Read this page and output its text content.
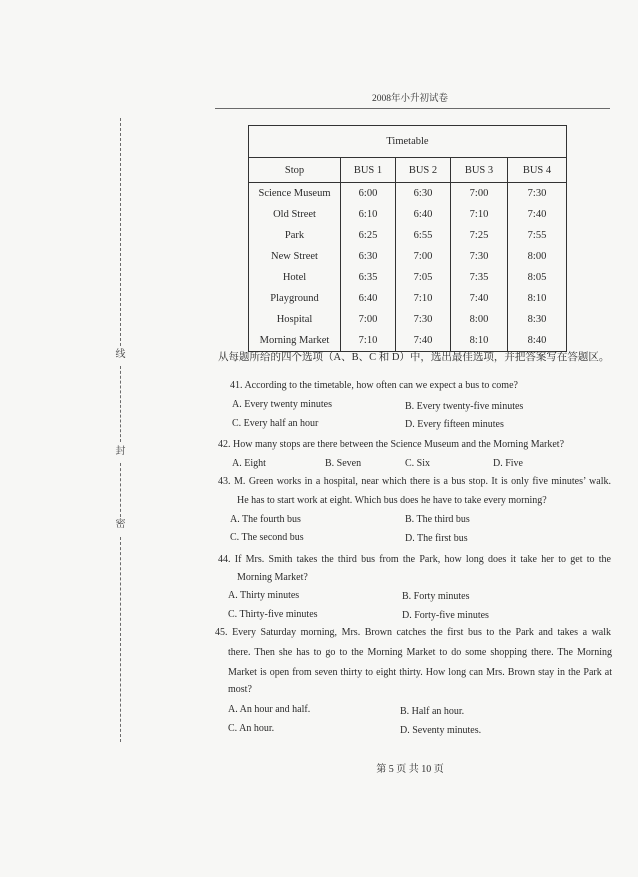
2008年小升初试卷
线
封
密
Timetable				
Stop	BUS 1	BUS 2	BUS 3	BUS 4
Science Museum	6:00	6:30	7:00	7:30
Old Street	6:10	6:40	7:10	7:40
Park	6:25	6:55	7:25	7:55
New Street	6:30	7:00	7:30	8:00
Hotel	6:35	7:05	7:35	8:05
Playground	6:40	7:10	7:40	8:10
Hospital	7:00	7:30	8:00	8:30
Morning Market	7:10	7:40	8:10	8:40
从每题所给的四个选项（A、B、C 和 D）中，选出最佳选项，并把答案写在答题区。
41. According to the timetable, how often can we expect a bus to come?
A. Every twenty minutes	B. Every twenty-five minutes
C. Every half an hour	D. Every fifteen minutes
42. How many stops are there between the Science Museum and the Morning Market?
A. Eight	B. Seven	C. Six	D. Five
43. M. Green works in a hospital, near which there is a bus stop. It is only five minutes’ walk.
He has to start work at eight. Which bus does he have to take every morning?
A. The fourth bus	B. The third bus
C. The second bus	D. The first bus
44. If Mrs. Smith takes the third bus from the Park, how long does it take her to get to the
Morning Market?
A. Thirty minutes	B. Forty minutes
C. Thirty-five minutes	D. Forty-five minutes
45. Every Saturday morning, Mrs. Brown catches the first bus to the Park and takes a walk
there. Then she has to go to the Morning Market to do some shopping there. The Morning
Market is open from seven thirty to eight thirty. How long can Mrs. Brown stay in the Park at
most?
A. An hour and half.	B. Half an hour.
C. An hour.	D. Seventy minutes.
第 5 页 共 10 页
